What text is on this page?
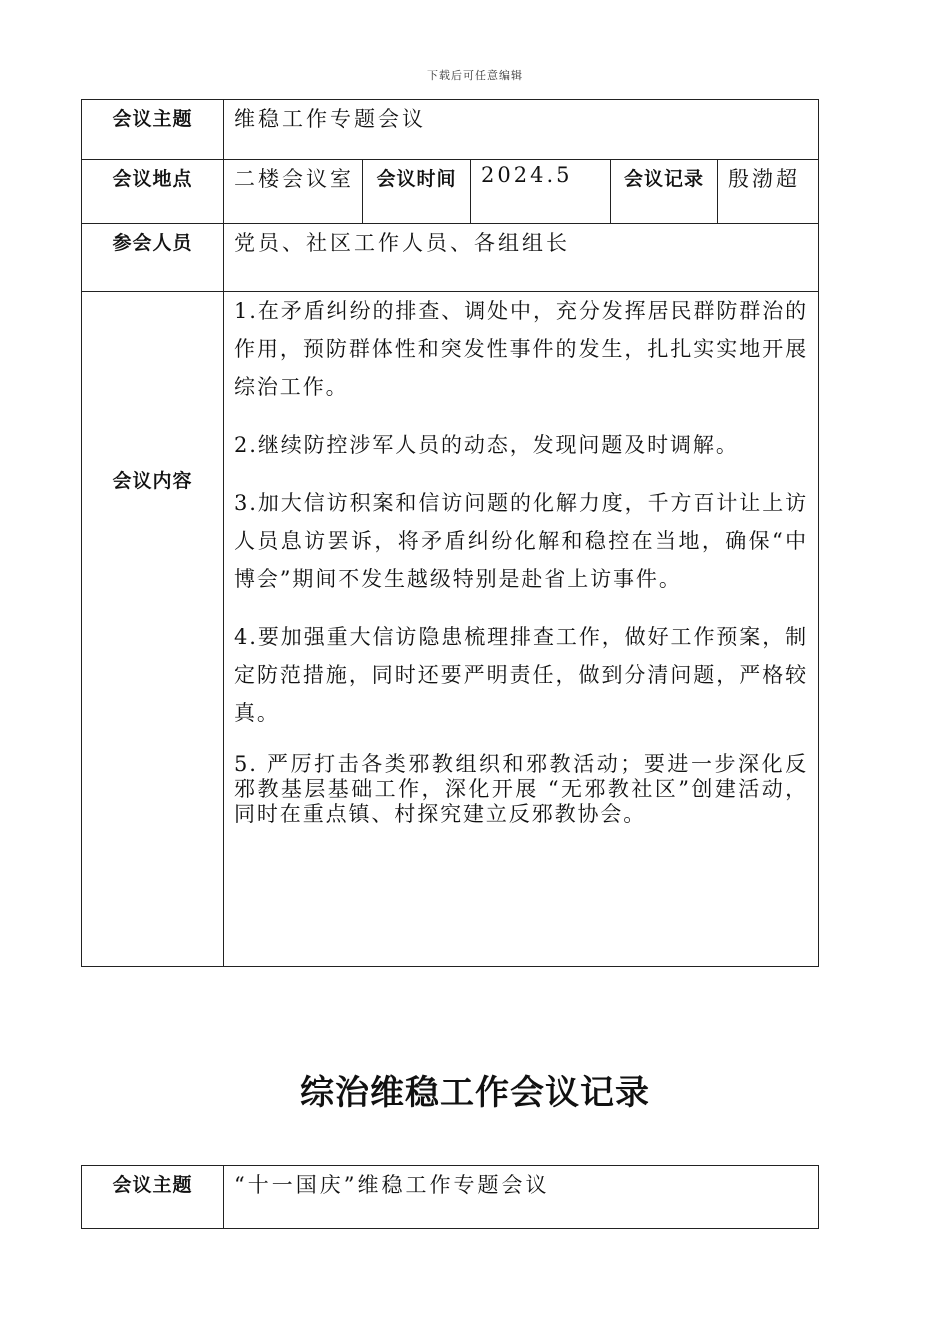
下载后可任意编辑
会议主题	维稳工作专题会议				
会议地点	二楼会议室	会议时间	2024.5	会议记录	殷渤超
参会人员	党员、社区工作人员、各组组长				
会议内容	1.在矛盾纠纷的排查、调处中，充分发挥居民群防群治的作用，预防群体性和突发性事件的发生，扎扎实实地开展综治工作。

2.继续防控涉军人员的动态，发现问题及时调解。

3.加大信访积案和信访问题的化解力度，千方百计让上访人员息访罢诉，将矛盾纠纷化解和稳控在当地，确保“中博会”期间不发生越级特别是赴省上访事件。

4.要加强重大信访隐患梳理排查工作，做好工作预案，制定防范措施，同时还要严明责任，做到分清问题，严格较真。

5. 严厉打击各类邪教组织和邪教活动；要进一步深化反邪教基层基础工作，深化开展 “无邪教社区”创建活动，同时在重点镇、村探究建立反邪教协会。				

综治维稳工作会议记录
会议主题	“十一国庆”维稳工作专题会议
